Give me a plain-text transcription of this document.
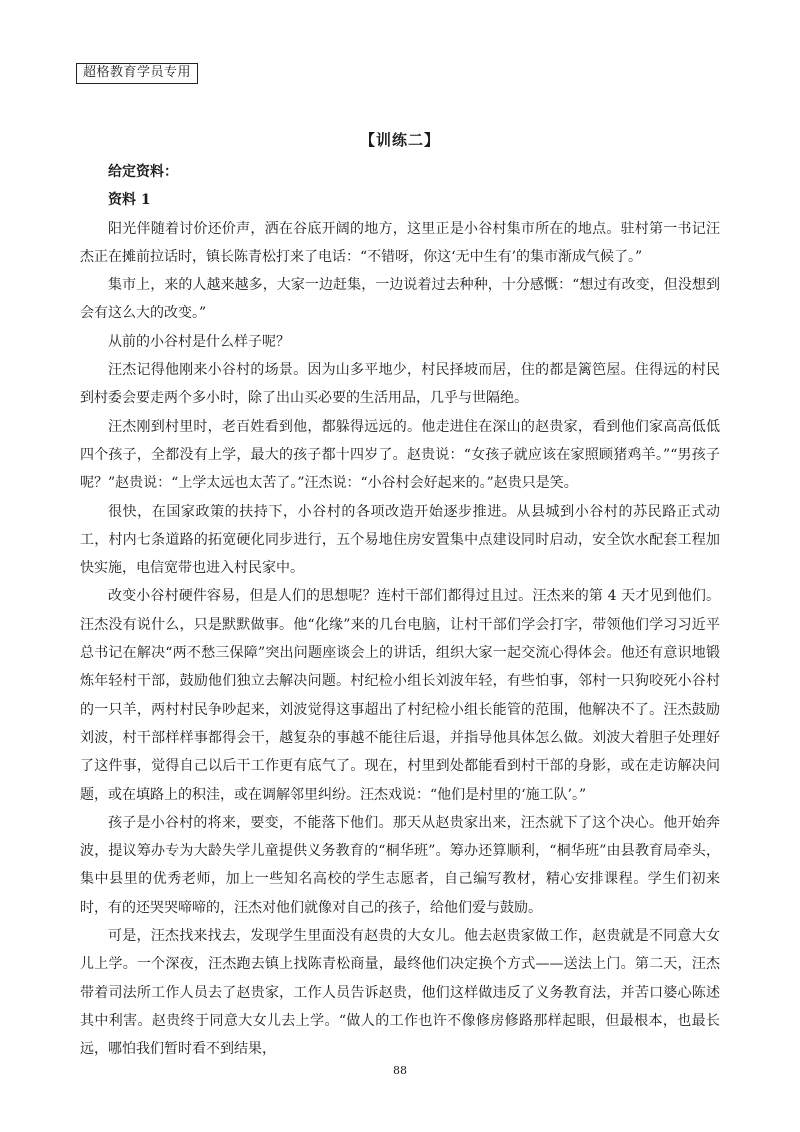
超格教育学员专用
【训练二】

给定资料：

资料 1

阳光伴随着讨价还价声，洒在谷底开阔的地方，这里正是小谷村集市所在的地点。驻村第一书记汪杰正在摊前拉话时，镇长陈青松打来了电话：“不错呀，你这‘无中生有’的集市渐成气候了。”

集市上，来的人越来越多，大家一边赶集，一边说着过去种种，十分感慨：“想过有改变，但没想到会有这么大的改变。”

从前的小谷村是什么样子呢？

汪杰记得他刚来小谷村的场景。因为山多平地少，村民择坡而居，住的都是篱笆屋。住得远的村民到村委会要走两个多小时，除了出山买必要的生活用品，几乎与世隔绝。

汪杰刚到村里时，老百姓看到他，都躲得远远的。他走进住在深山的赵贵家，看到他们家高高低低四个孩子，全都没有上学，最大的孩子都十四岁了。赵贵说：“女孩子就应该在家照顾猪鸡羊。”“男孩子呢？”赵贵说：“上学太远也太苦了。”汪杰说：“小谷村会好起来的。”赵贵只是笑。

很快，在国家政策的扶持下，小谷村的各项改造开始逐步推进。从县城到小谷村的苏民路正式动工，村内七条道路的拓宽硬化同步进行，五个易地住房安置集中点建设同时启动，安全饮水配套工程加快实施，电信宽带也进入村民家中。

改变小谷村硬件容易，但是人们的思想呢？连村干部们都得过且过。汪杰来的第 4 天才见到他们。汪杰没有说什么，只是默默做事。他“化缘”来的几台电脑，让村干部们学会打字，带领他们学习习近平总书记在解决“两不愁三保障”突出问题座谈会上的讲话，组织大家一起交流心得体会。他还有意识地锻炼年轻村干部，鼓励他们独立去解决问题。村纪检小组长刘波年轻，有些怕事，邻村一只狗咬死小谷村的一只羊，两村村民争吵起来，刘波觉得这事超出了村纪检小组长能管的范围，他解决不了。汪杰鼓励刘波，村干部样样事都得会干，越复杂的事越不能往后退，并指导他具体怎么做。刘波大着胆子处理好了这件事，觉得自己以后干工作更有底气了。现在，村里到处都能看到村干部的身影，或在走访解决问题，或在填路上的积洼，或在调解邻里纠纷。汪杰戏说：“他们是村里的‘施工队’。”

孩子是小谷村的将来，要变，不能落下他们。那天从赵贵家出来，汪杰就下了这个决心。他开始奔波，提议筹办专为大龄失学儿童提供义务教育的“桐华班”。筹办还算顺利，“桐华班”由县教育局牵头，集中县里的优秀老师，加上一些知名高校的学生志愿者，自己编写教材，精心安排课程。学生们初来时，有的还哭哭啼啼的，汪杰对他们就像对自己的孩子，给他们爱与鼓励。

可是，汪杰找来找去，发现学生里面没有赵贵的大女儿。他去赵贵家做工作，赵贵就是不同意大女儿上学。一个深夜，汪杰跑去镇上找陈青松商量，最终他们决定换个方式——送法上门。第二天，汪杰带着司法所工作人员去了赵贵家，工作人员告诉赵贵，他们这样做违反了义务教育法，并苦口婆心陈述其中利害。赵贵终于同意大女儿去上学。“做人的工作也许不像修房修路那样起眼，但最根本，也最长远，哪怕我们暂时看不到结果，

88
